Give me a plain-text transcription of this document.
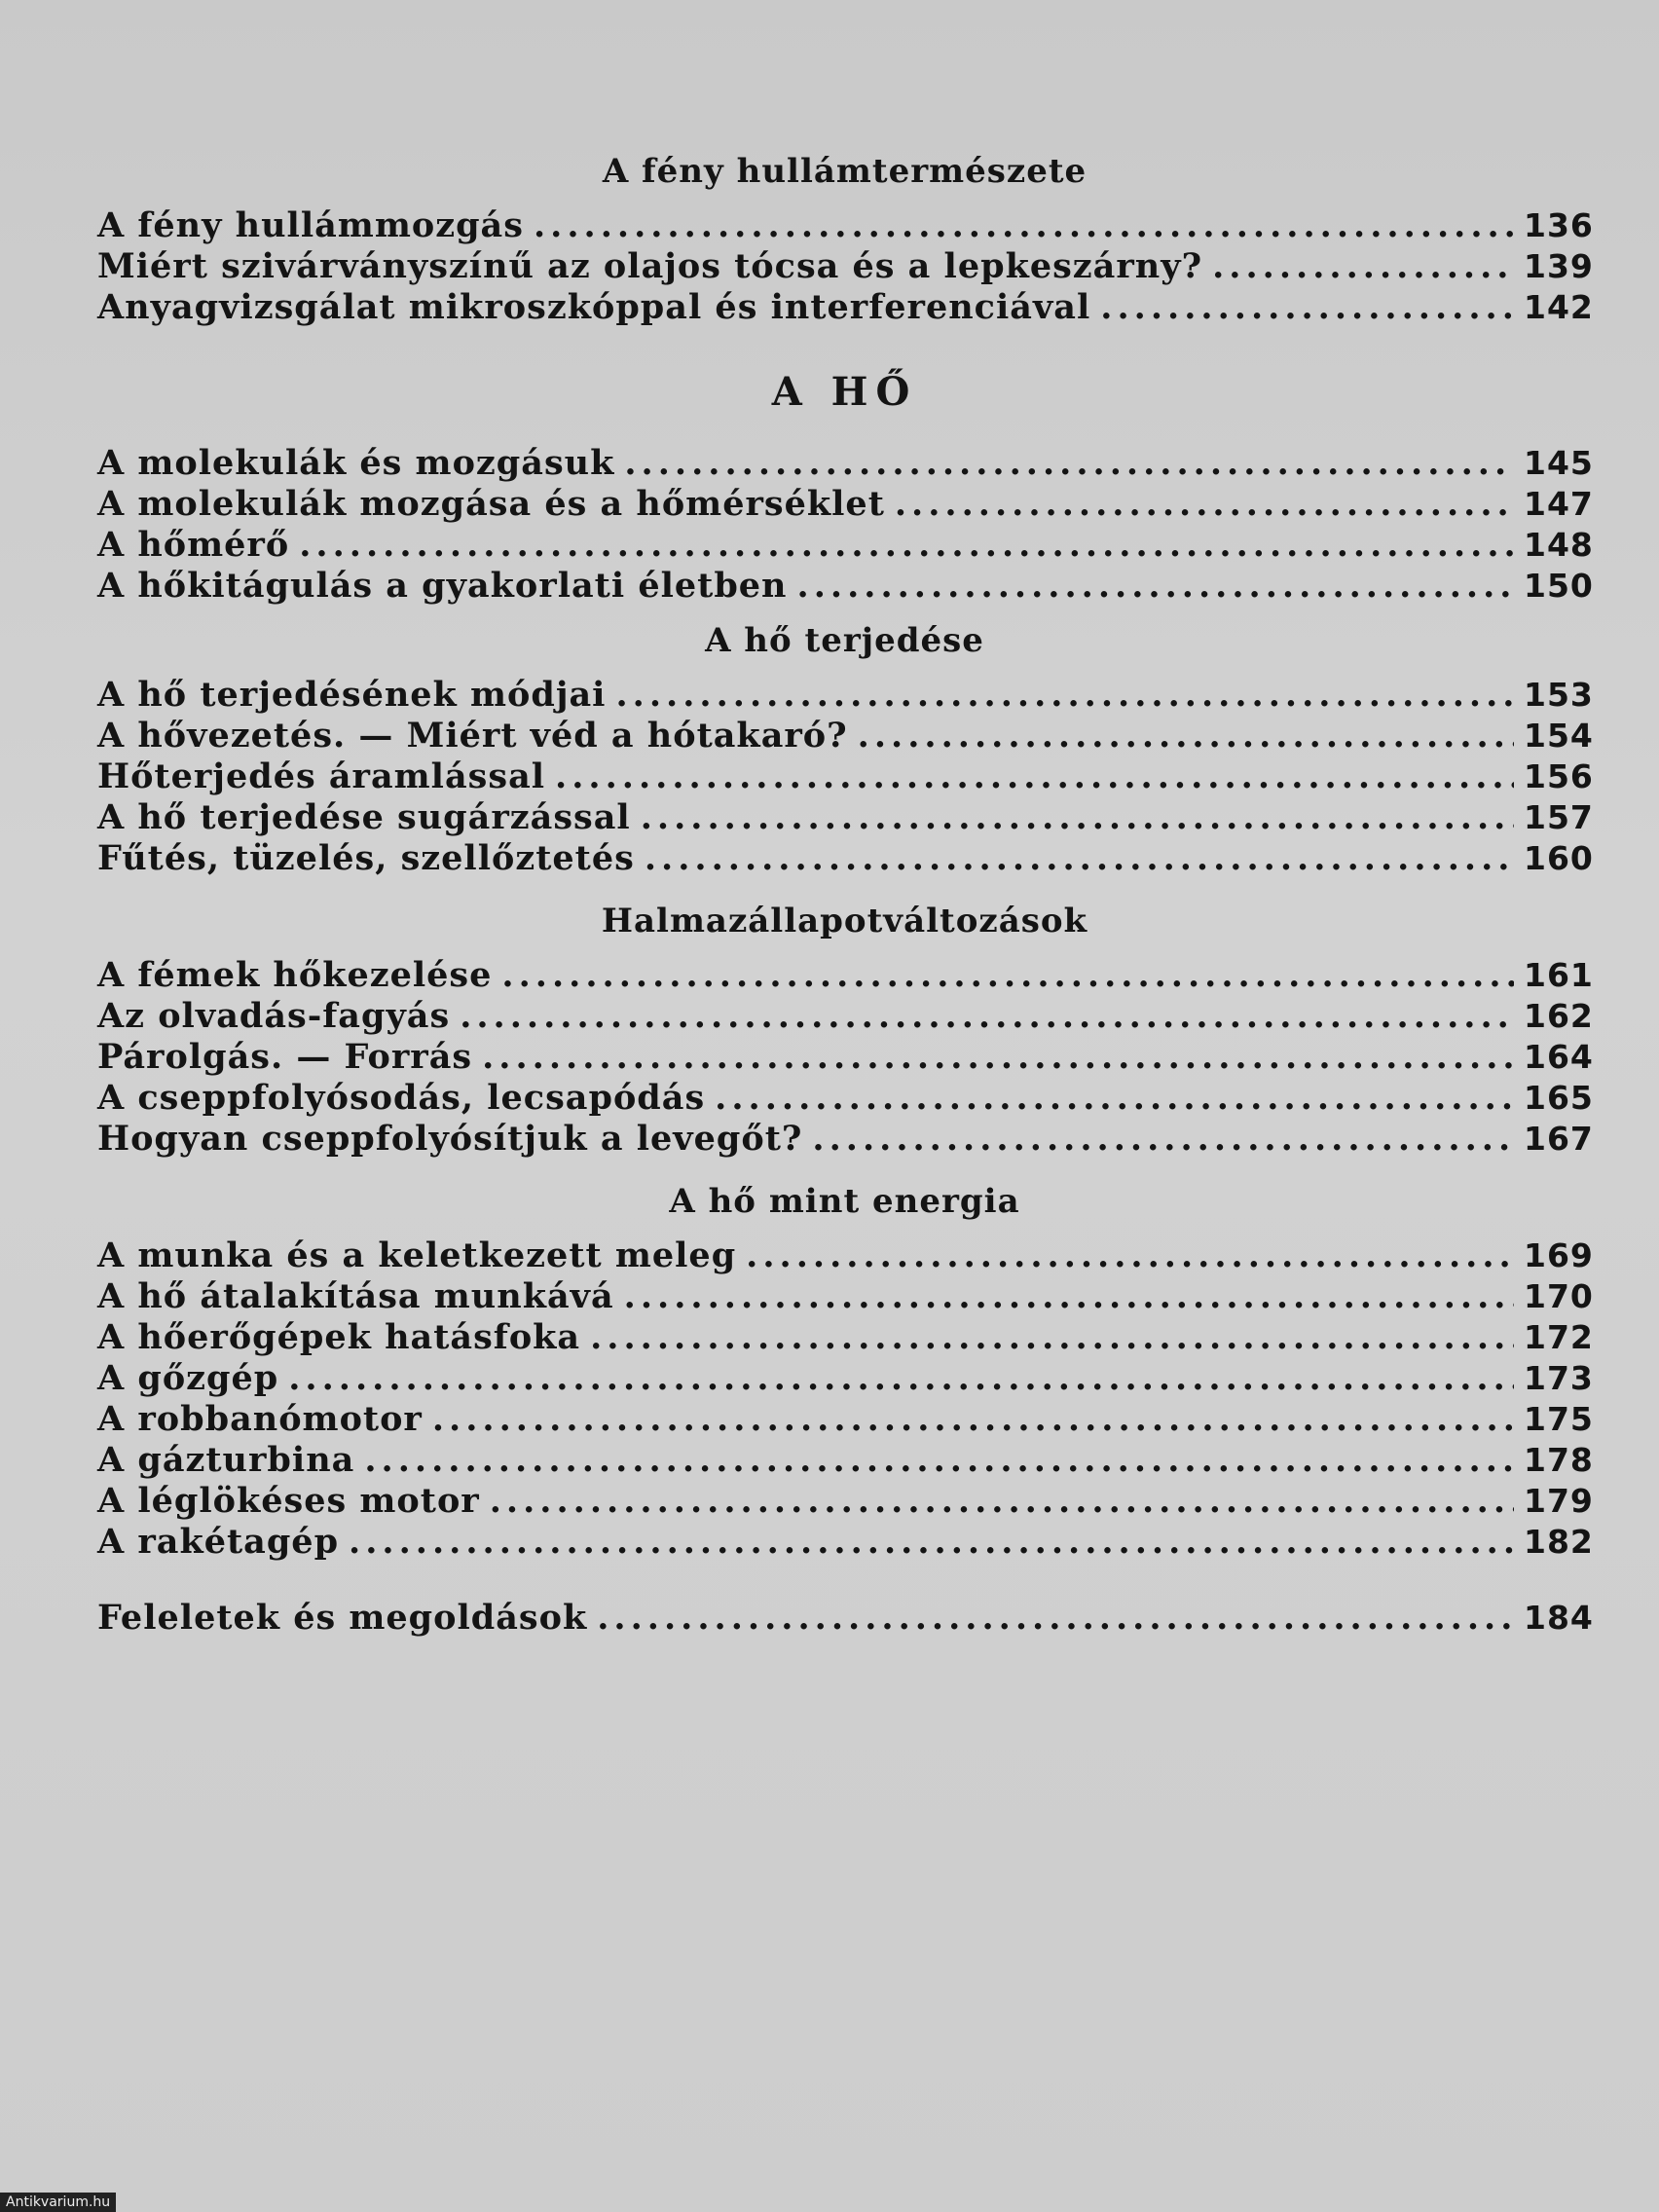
A fény hullámtermészete
A fény hullámmozgás .....	136
Miért szivárványszínű az olajos tócsa és a lepkeszárny? .....	139
Anyagvizsgálat mikroszkóppal és interferenciával .....	142
A HŐ
A molekulák és mozgásuk .....	145
A molekulák mozgása és a hőmérséklet .....	147
A hőmérő .....	148
A hőkitágulás a gyakorlati életben .....	150
A hő terjedése
A hő terjedésének módjai .....	153
A hővezetés. — Miért véd a hótakaró? .....	154
Hőterjedés áramlással .....	156
A hő terjedése sugárzással .....	157
Fűtés, tüzelés, szellőztetés .....	160
Halmazállapotváltozások
A fémek hőkezelése .....	161
Az olvadás-fagyás .....	162
Párolgás. — Forrás .....	164
A cseppfolyósodás, lecsapódás .....	165
Hogyan cseppfolyósítjuk a levegőt? .....	167
A hő mint energia
A munka és a keletkezett meleg .....	169
A hő átalakítása munkává .....	170
A hőerőgépek hatásfoka .....	172
A gőzgép .....	173
A robbanómotor .....	175
A gázturbina .....	178
A léglökéses motor .....	179
A rakétagép .....	182
Feleletek és megoldások .....	184
Antikvarium.hu
